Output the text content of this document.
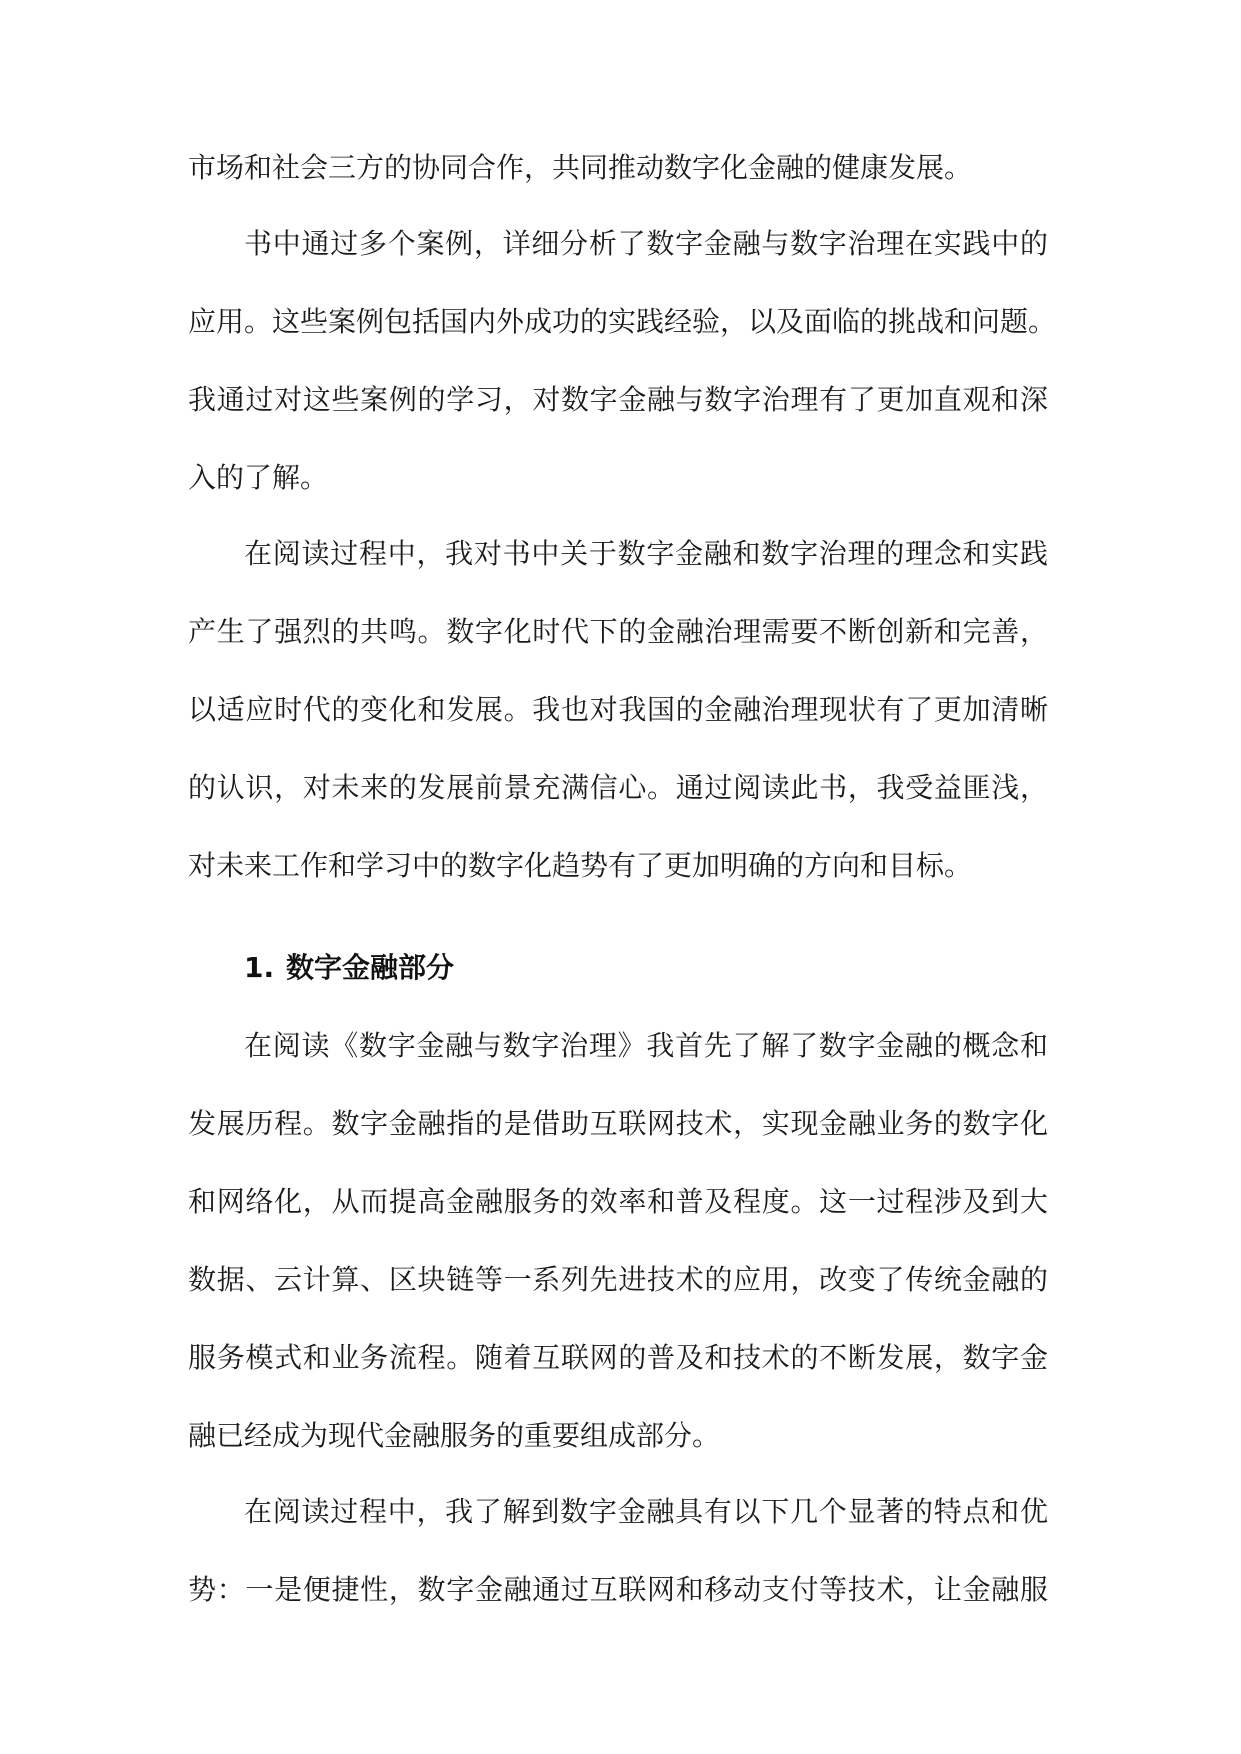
市场和社会三方的协同合作，共同推动数字化金融的健康发展。
书中通过多个案例，详细分析了数字金融与数字治理在实践中的
应用。这些案例包括国内外成功的实践经验，以及面临的挑战和问题。
我通过对这些案例的学习，对数字金融与数字治理有了更加直观和深
入的了解。
在阅读过程中，我对书中关于数字金融和数字治理的理念和实践
产生了强烈的共鸣。数字化时代下的金融治理需要不断创新和完善，
以适应时代的变化和发展。我也对我国的金融治理现状有了更加清晰
的认识，对未来的发展前景充满信心。通过阅读此书，我受益匪浅，
对未来工作和学习中的数字化趋势有了更加明确的方向和目标。
1. 数字金融部分
在阅读《数字金融与数字治理》我首先了解了数字金融的概念和
发展历程。数字金融指的是借助互联网技术，实现金融业务的数字化
和网络化，从而提高金融服务的效率和普及程度。这一过程涉及到大
数据、云计算、区块链等一系列先进技术的应用，改变了传统金融的
服务模式和业务流程。随着互联网的普及和技术的不断发展，数字金
融已经成为现代金融服务的重要组成部分。
在阅读过程中，我了解到数字金融具有以下几个显著的特点和优
势：一是便捷性，数字金融通过互联网和移动支付等技术，让金融服
